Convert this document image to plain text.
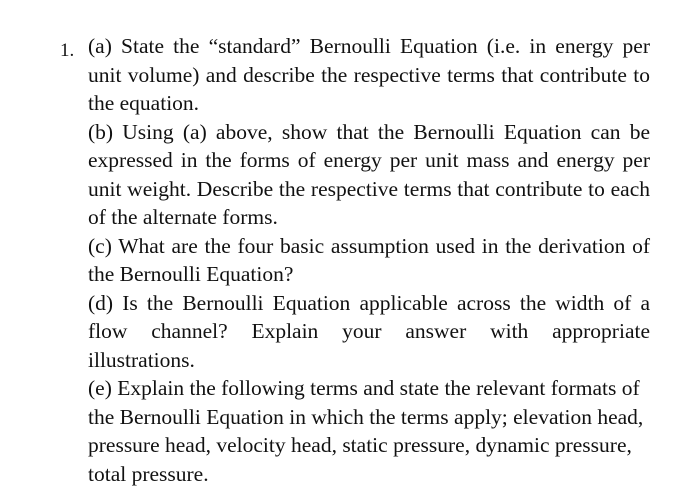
1. (a) State the “standard” Bernoulli Equation (i.e. in energy per unit volume) and describe the respective terms that contribute to the equation.

(b) Using (a) above, show that the Bernoulli Equation can be expressed in the forms of energy per unit mass and energy per unit weight. Describe the respective terms that contribute to each of the alternate forms.

(c) What are the four basic assumption used in the derivation of the Bernoulli Equation?

(d) Is the Bernoulli Equation applicable across the width of a flow channel? Explain your answer with appropriate illustrations.

(e) Explain the following terms and state the relevant formats of the Bernoulli Equation in which the terms apply; elevation head, pressure head, velocity head, static pressure, dynamic pressure, total pressure.
